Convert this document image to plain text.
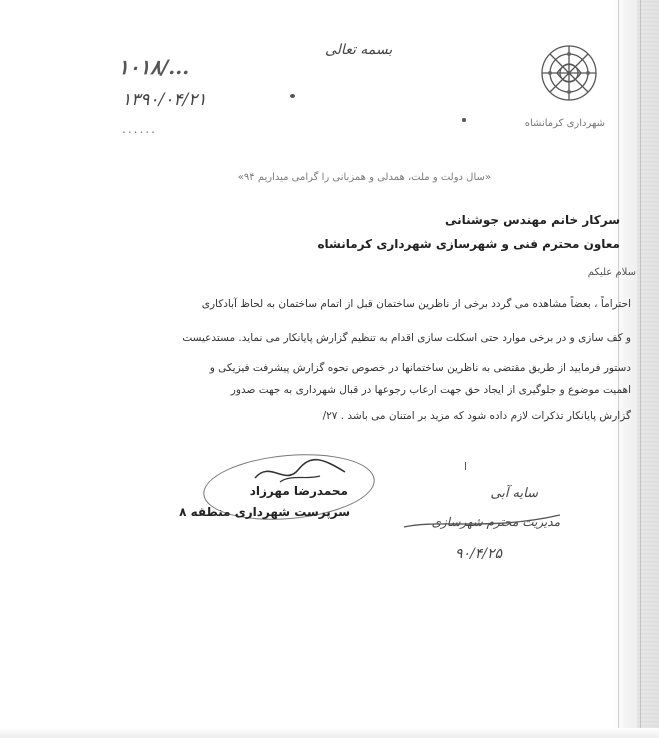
شهرداری کرمانشاه
بسمه تعالی
۱۰۱۸/...
۱۳۹۰/۰۴/۲۱
......
«سال دولت و ملت، همدلی و همزبانی را گرامی میداریم ۹۴»
سرکار خانم مهندس جوشنانی
معاون محترم فنی و شهرسازی شهرداری کرمانشاه
سلام علیکم
احتراماً ، بعضاً مشاهده می گردد برخی از ناظرین ساختمان قبل از اتمام ساختمان به لحاظ آبادکاری
و کف سازی و در برخی موارد حتی اسکلت سازی اقدام به تنظیم گزارش پایانکار می نماید. مستدعیست
دستور فرمایید از طریق مقتضی به ناظرین ساختمانها در خصوص نحوه گزارش پیشرفت فیزیکی و
اهمیت موضوع و جلوگیری از ایجاد حق جهت ارعاب رجوعها در قبال شهرداری به جهت صدور
گزارش پایانکار تذکرات لازم داده شود که مزید بر امتنان می باشد . ۲۷/
محمدرضا مهرزاد
سرپرست شهرداری منطقه ۸
سایه آبی
مدیریت محترم شهرسازی
۹۰/۴/۲۵
